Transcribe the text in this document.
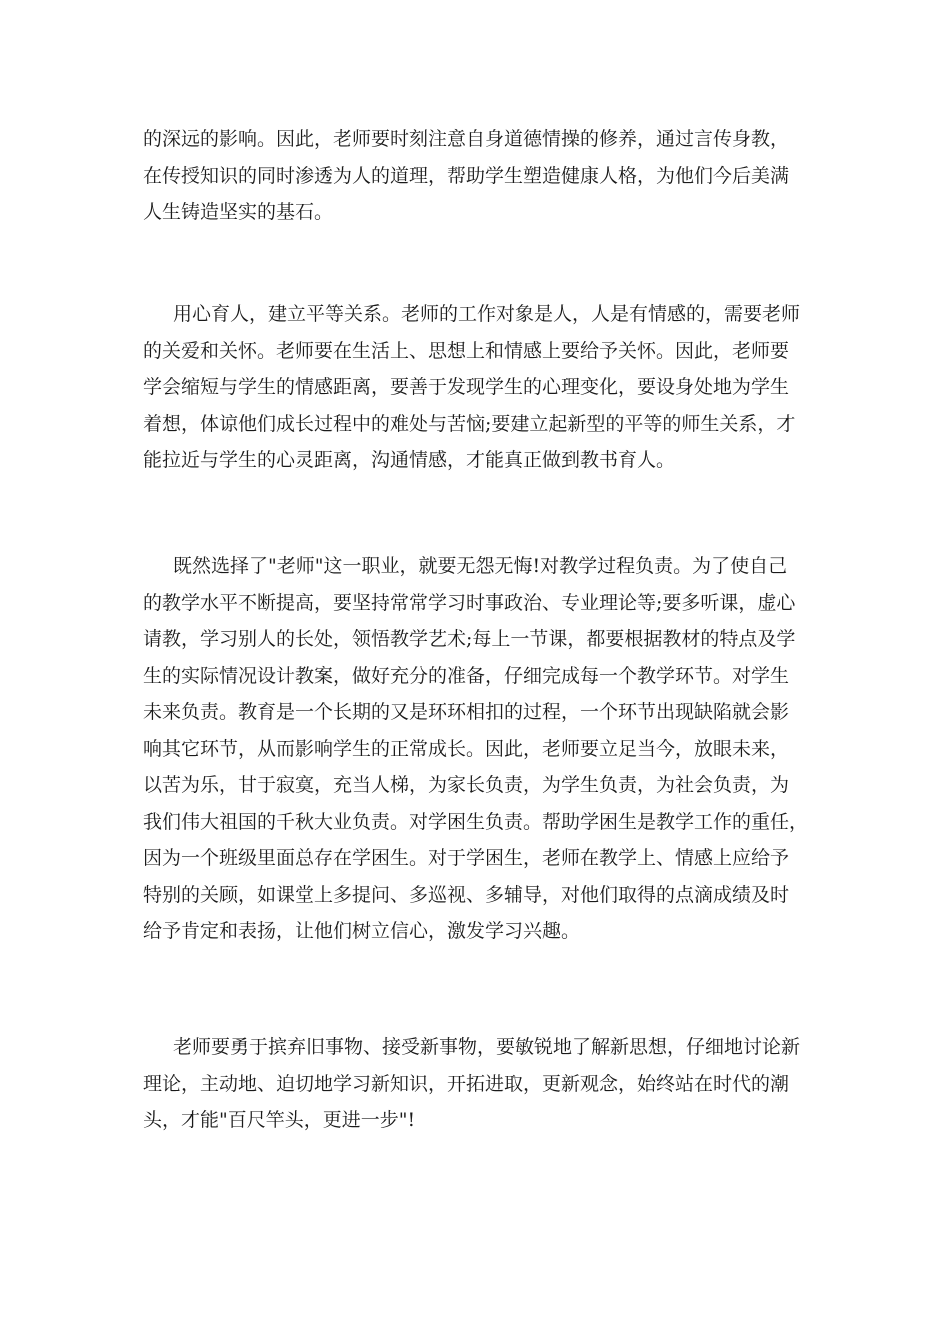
的深远的影响。因此，老师要时刻注意自身道德情操的修养，通过言传身教，
在传授知识的同时渗透为人的道理，帮助学生塑造健康人格，为他们今后美满
人生铸造坚实的基石。

用心育人，建立平等关系。老师的工作对象是人，人是有情感的，需要老师
的关爱和关怀。老师要在生活上、思想上和情感上要给予关怀。因此，老师要
学会缩短与学生的情感距离，要善于发现学生的心理变化，要设身处地为学生
着想，体谅他们成长过程中的难处与苦恼;要建立起新型的平等的师生关系，才
能拉近与学生的心灵距离，沟通情感，才能真正做到教书育人。

既然选择了"老师"这一职业，就要无怨无悔!对教学过程负责。为了使自己
的教学水平不断提高，要坚持常常学习时事政治、专业理论等;要多听课，虚心
请教，学习别人的长处，领悟教学艺术;每上一节课，都要根据教材的特点及学
生的实际情况设计教案，做好充分的准备，仔细完成每一个教学环节。对学生
未来负责。教育是一个长期的又是环环相扣的过程，一个环节出现缺陷就会影
响其它环节，从而影响学生的正常成长。因此，老师要立足当今，放眼未来，
以苦为乐，甘于寂寞，充当人梯，为家长负责，为学生负责，为社会负责，为
我们伟大祖国的千秋大业负责。对学困生负责。帮助学困生是教学工作的重任，
因为一个班级里面总存在学困生。对于学困生，老师在教学上、情感上应给予
特别的关顾，如课堂上多提问、多巡视、多辅导，对他们取得的点滴成绩及时
给予肯定和表扬，让他们树立信心，激发学习兴趣。

老师要勇于摈弃旧事物、接受新事物，要敏锐地了解新思想，仔细地讨论新
理论，主动地、迫切地学习新知识，开拓进取，更新观念，始终站在时代的潮
头，才能"百尺竿头，更进一步"!
